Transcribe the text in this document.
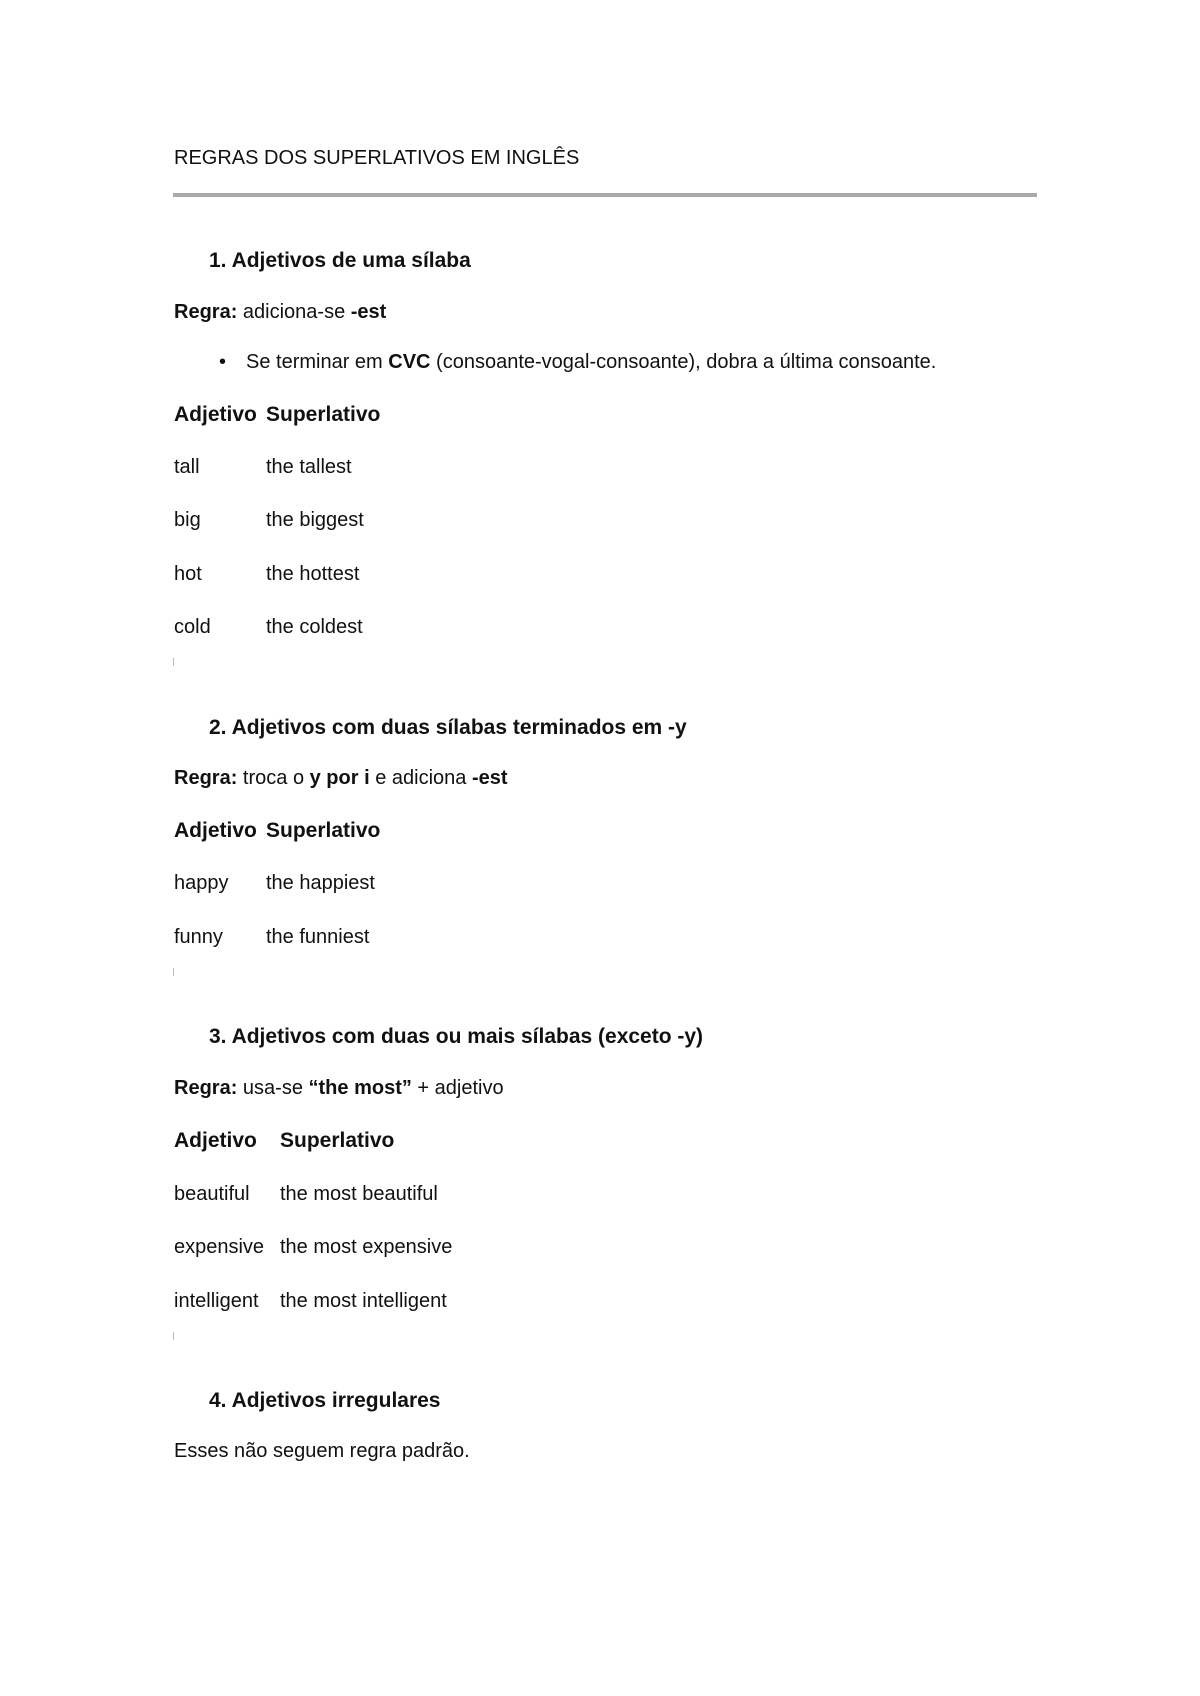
REGRAS DOS SUPERLATIVOS EM INGLÊS
1. Adjetivos de uma sílaba
Regra: adiciona-se -est
• Se terminar em CVC (consoante-vogal-consoante), dobra a última consoante.
Adjetivo Superlativo
tall	the tallest
big	the biggest
hot	the hottest
cold	the coldest
2. Adjetivos com duas sílabas terminados em -y
Regra: troca o y por i e adiciona -est
Adjetivo Superlativo
happy the happiest
funny the funniest
3. Adjetivos com duas ou mais sílabas (exceto -y)
Regra: usa-se “the most” + adjetivo
Adjetivo Superlativo
beautiful the most beautiful
expensive the most expensive
intelligent the most intelligent
4. Adjetivos irregulares
Esses não seguem regra padrão.
